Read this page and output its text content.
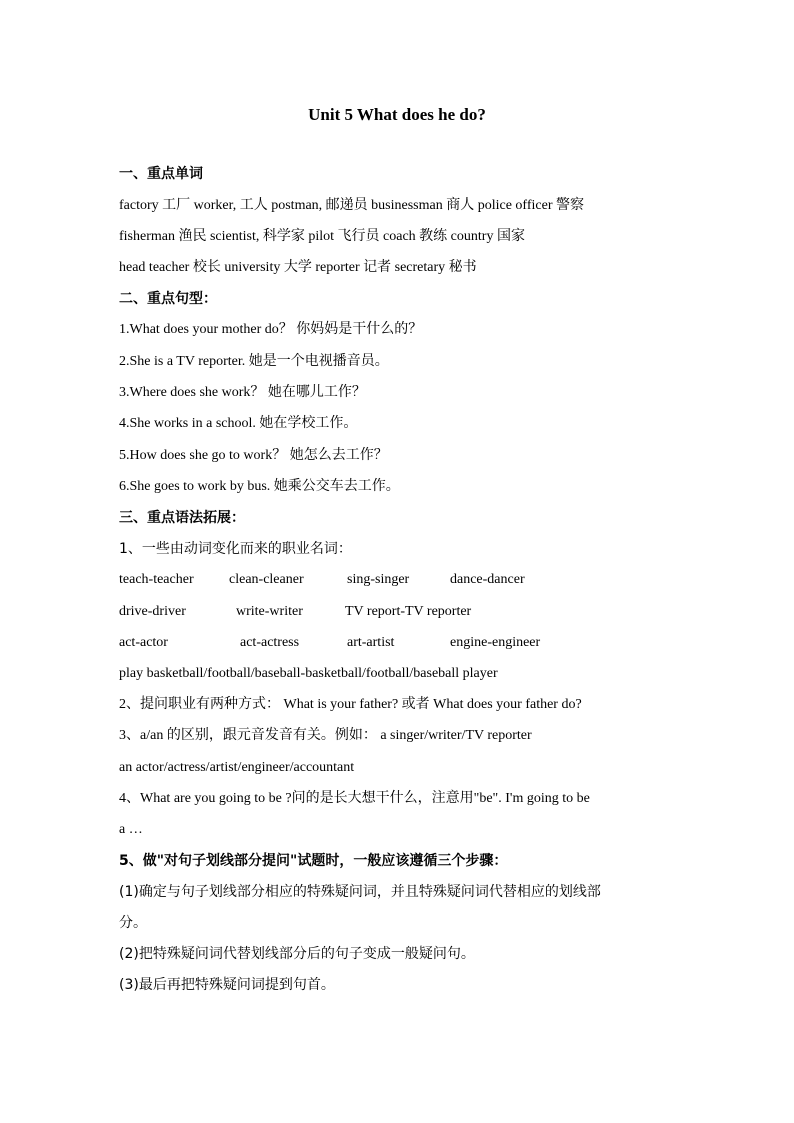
Unit 5 What does he do?
一、重点单词
factory 工厂 worker, 工人 postman, 邮递员 businessman 商人 police officer 警察
fisherman 渔民 scientist, 科学家 pilot 飞行员 coach 教练 country 国家
head teacher 校长 university 大学 reporter 记者 secretary 秘书
二、重点句型：
1.What does your mother do？ 你妈妈是干什么的？
2.She is a TV reporter. 她是一个电视播音员。
3.Where does she work？ 她在哪儿工作？
4.She works in a school. 她在学校工作。
5.How does she go to work？ 她怎么去工作？
6.She goes to work by bus. 她乘公交车去工作。
三、重点语法拓展：
1、一些由动词变化而来的职业名词：
teach-teacher	clean-cleaner	sing-singer	dance-dancer
drive-driver	write-writer	TV report-TV reporter
act-actor	act-actress	art-artist	engine-engineer
play basketball/football/baseball-basketball/football/baseball player
2、提问职业有两种方式： What is your father? 或者 What does your father do?
3、a/an 的区别，跟元音发音有关。例如： a singer/writer/TV reporter
an actor/actress/artist/engineer/accountant
4、What are you going to be ?问的是长大想干什么，注意用"be". I'm going to be
a …
5、做"对句子划线部分提问"试题时，一般应该遵循三个步骤：
(1)确定与句子划线部分相应的特殊疑问词，并且特殊疑问词代替相应的划线部
分。
(2)把特殊疑问词代替划线部分后的句子变成一般疑问句。
(3)最后再把特殊疑问词提到句首。
